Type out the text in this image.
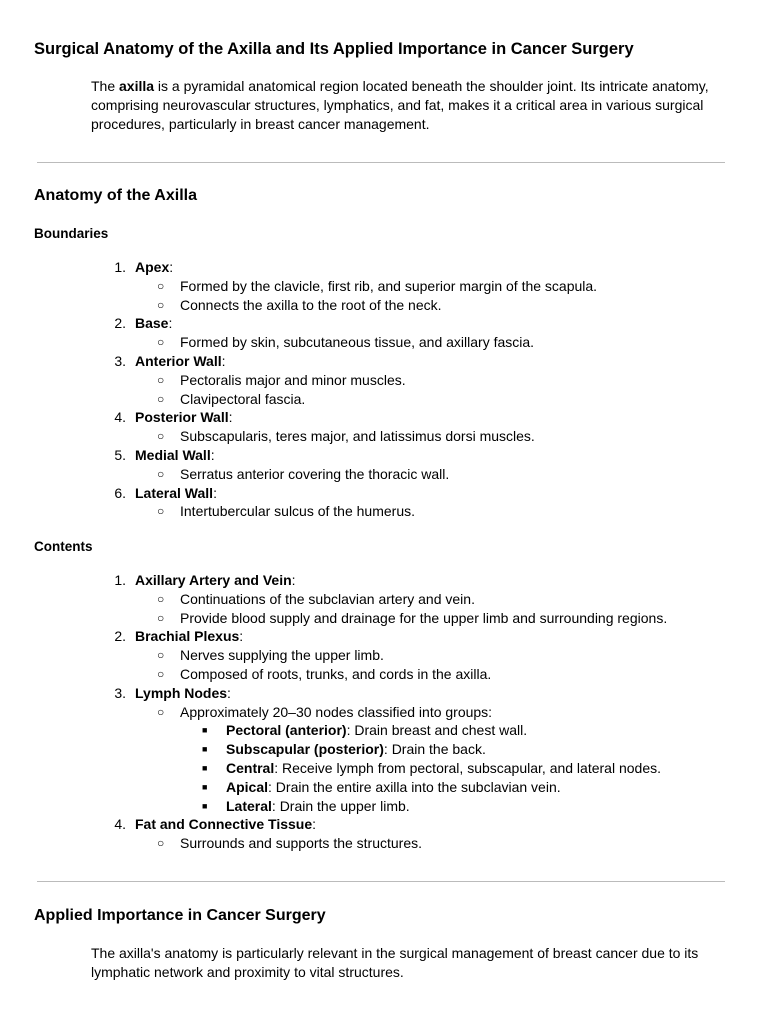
Surgical Anatomy of the Axilla and Its Applied Importance in Cancer Surgery

The axilla is a pyramidal anatomical region located beneath the shoulder joint. Its intricate anatomy, comprising neurovascular structures, lymphatics, and fat, makes it a critical area in various surgical procedures, particularly in breast cancer management.

Anatomy of the Axilla
Boundaries
1. Apex:
○ Formed by the clavicle, first rib, and superior margin of the scapula.
○ Connects the axilla to the root of the neck.
2. Base:
○ Formed by skin, subcutaneous tissue, and axillary fascia.
3. Anterior Wall:
○ Pectoralis major and minor muscles.
○ Clavipectoral fascia.
4. Posterior Wall:
○ Subscapularis, teres major, and latissimus dorsi muscles.
5. Medial Wall:
○ Serratus anterior covering the thoracic wall.
6. Lateral Wall:
○ Intertubercular sulcus of the humerus.
Contents
1. Axillary Artery and Vein:
○ Continuations of the subclavian artery and vein.
○ Provide blood supply and drainage for the upper limb and surrounding regions.
2. Brachial Plexus:
○ Nerves supplying the upper limb.
○ Composed of roots, trunks, and cords in the axilla.
3. Lymph Nodes:
○ Approximately 20–30 nodes classified into groups:
■ Pectoral (anterior): Drain breast and chest wall.
■ Subscapular (posterior): Drain the back.
■ Central: Receive lymph from pectoral, subscapular, and lateral nodes.
■ Apical: Drain the entire axilla into the subclavian vein.
■ Lateral: Drain the upper limb.
4. Fat and Connective Tissue:
○ Surrounds and supports the structures.
Applied Importance in Cancer Surgery

The axilla's anatomy is particularly relevant in the surgical management of breast cancer due to its lymphatic network and proximity to vital structures.
